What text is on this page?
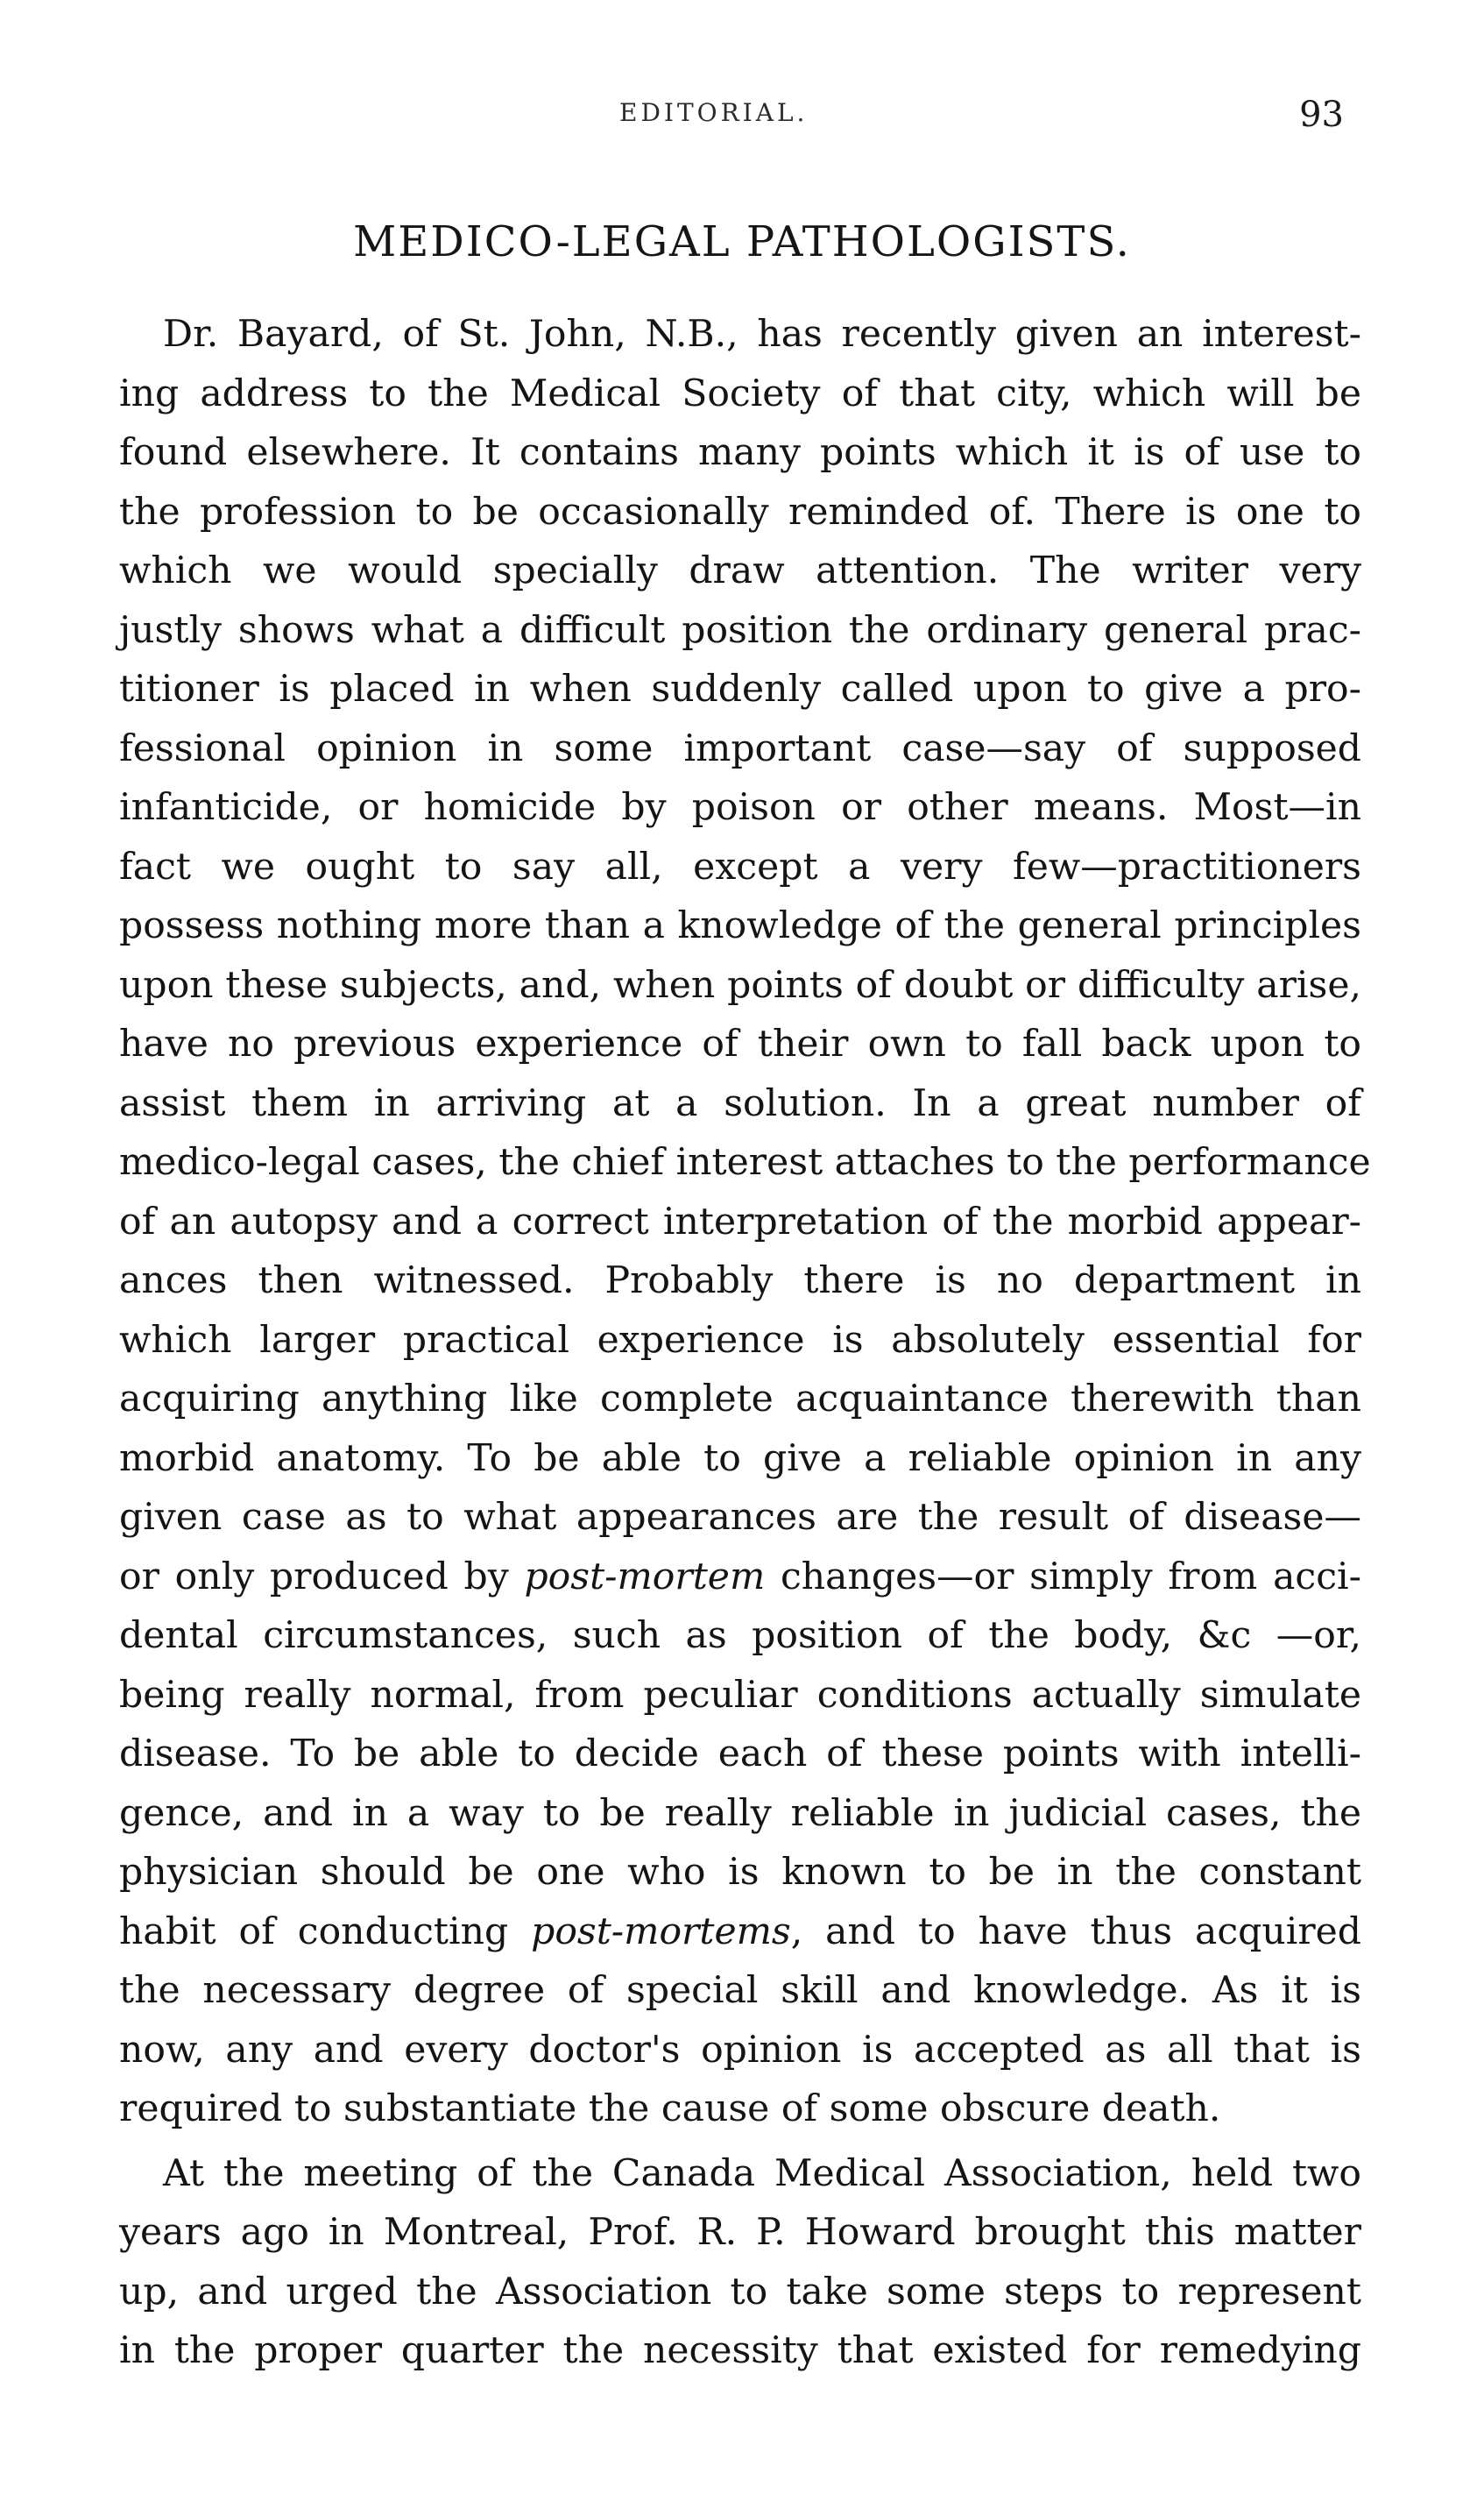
EDITORIAL.	93
MEDICO-LEGAL PATHOLOGISTS.
Dr. Bayard, of St. John, N.B., has recently given an interest-
ing address to the Medical Society of that city, which will be
found elsewhere. It contains many points which it is of use to
the profession to be occasionally reminded of. There is one to
which we would specially draw attention. The writer very
justly shows what a difficult position the ordinary general prac-
titioner is placed in when suddenly called upon to give a pro-
fessional opinion in some important case—say of supposed
infanticide, or homicide by poison or other means. Most—in
fact we ought to say all, except a very few—practitioners
possess nothing more than a knowledge of the general principles
upon these subjects, and, when points of doubt or difficulty arise,
have no previous experience of their own to fall back upon to
assist them in arriving at a solution. In a great number of
medico-legal cases, the chief interest attaches to the performance
of an autopsy and a correct interpretation of the morbid appear-
ances then witnessed. Probably there is no department in
which larger practical experience is absolutely essential for
acquiring anything like complete acquaintance therewith than
morbid anatomy. To be able to give a reliable opinion in any
given case as to what appearances are the result of disease—
or only produced by post-mortem changes—or simply from acci-
dental circumstances, such as position of the body, &c —or,
being really normal, from peculiar conditions actually simulate
disease. To be able to decide each of these points with intelli-
gence, and in a way to be really reliable in judicial cases, the
physician should be one who is known to be in the constant
habit of conducting post-mortems, and to have thus acquired
the necessary degree of special skill and knowledge. As it is
now, any and every doctor's opinion is accepted as all that is
required to substantiate the cause of some obscure death.
At the meeting of the Canada Medical Association, held two
years ago in Montreal, Prof. R. P. Howard brought this matter
up, and urged the Association to take some steps to represent
in the proper quarter the necessity that existed for remedying
